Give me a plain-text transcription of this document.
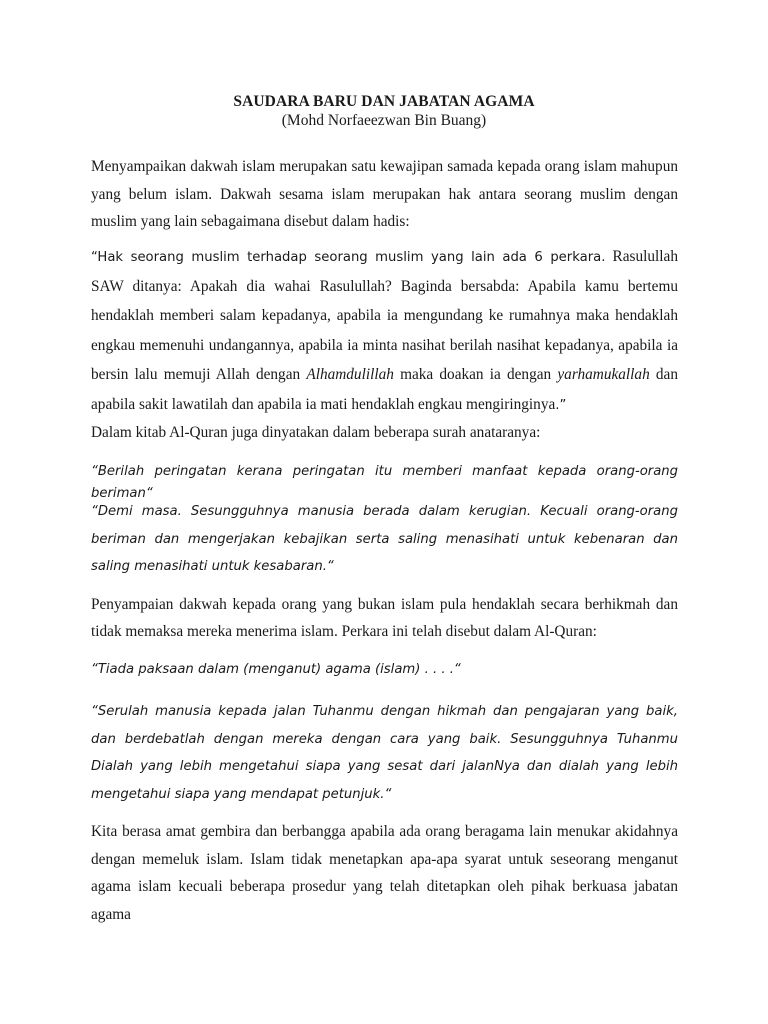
SAUDARA BARU DAN JABATAN AGAMA
(Mohd Norfaeezwan Bin Buang)

Menyampaikan dakwah islam merupakan satu kewajipan samada kepada orang islam mahupun yang belum islam. Dakwah sesama islam merupakan hak antara seorang muslim dengan muslim yang lain sebagaimana disebut dalam hadis:

“Hak seorang muslim terhadap seorang muslim yang lain ada 6 perkara. Rasulullah SAW ditanya: Apakah dia wahai Rasulullah? Baginda bersabda: Apabila kamu bertemu hendaklah memberi salam kepadanya, apabila ia mengundang ke rumahnya maka hendaklah engkau memenuhi undangannya, apabila ia minta nasihat berilah nasihat kepadanya, apabila ia bersin lalu memuji Allah dengan Alhamdulillah maka doakan ia dengan yarhamukallah dan apabila sakit lawatilah dan apabila ia mati hendaklah engkau mengiringinya.”

Dalam kitab Al-Quran juga dinyatakan dalam beberapa surah anataranya:

“Berilah peringatan kerana peringatan itu memberi manfaat kepada orang-orang beriman“

“Demi masa. Sesungguhnya manusia berada dalam kerugian. Kecuali orang-orang beriman dan mengerjakan kebajikan serta saling menasihati untuk kebenaran dan saling menasihati untuk kesabaran.“

Penyampaian dakwah kepada orang yang bukan islam pula hendaklah secara berhikmah dan tidak memaksa mereka menerima islam. Perkara ini telah disebut dalam Al-Quran:

“Tiada paksaan dalam (menganut) agama (islam) . . . .“

“Serulah manusia kepada jalan Tuhanmu dengan hikmah dan pengajaran yang baik, dan berdebatlah dengan mereka dengan cara yang baik. Sesungguhnya Tuhanmu Dialah yang lebih mengetahui siapa yang sesat dari jalanNya dan dialah yang lebih mengetahui siapa yang mendapat petunjuk.“

Kita berasa amat gembira dan berbangga apabila ada orang beragama lain menukar akidahnya dengan memeluk islam. Islam tidak menetapkan apa-apa syarat untuk seseorang menganut agama islam kecuali beberapa prosedur yang telah ditetapkan oleh pihak berkuasa jabatan agama
